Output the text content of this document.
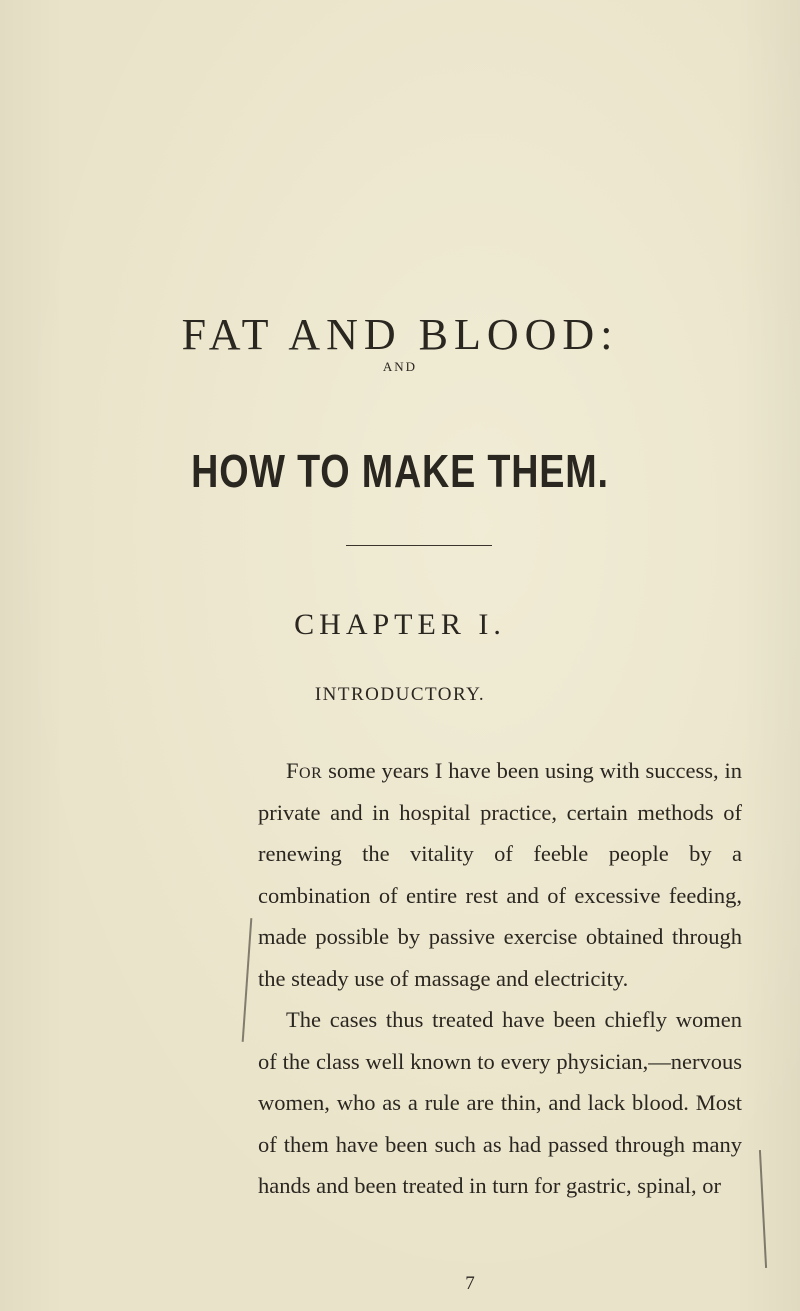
FAT AND BLOOD:
AND
HOW TO MAKE THEM.
CHAPTER I.
INTRODUCTORY.

For some years I have been using with success, in private and in hospital practice, certain methods of renewing the vitality of feeble people by a combination of entire rest and of excessive feeding, made possible by passive exercise obtained through the steady use of massage and electricity.

The cases thus treated have been chiefly women of the class well known to every physician,—nervous women, who as a rule are thin, and lack blood. Most of them have been such as had passed through many hands and been treated in turn for gastric, spinal, or

7
